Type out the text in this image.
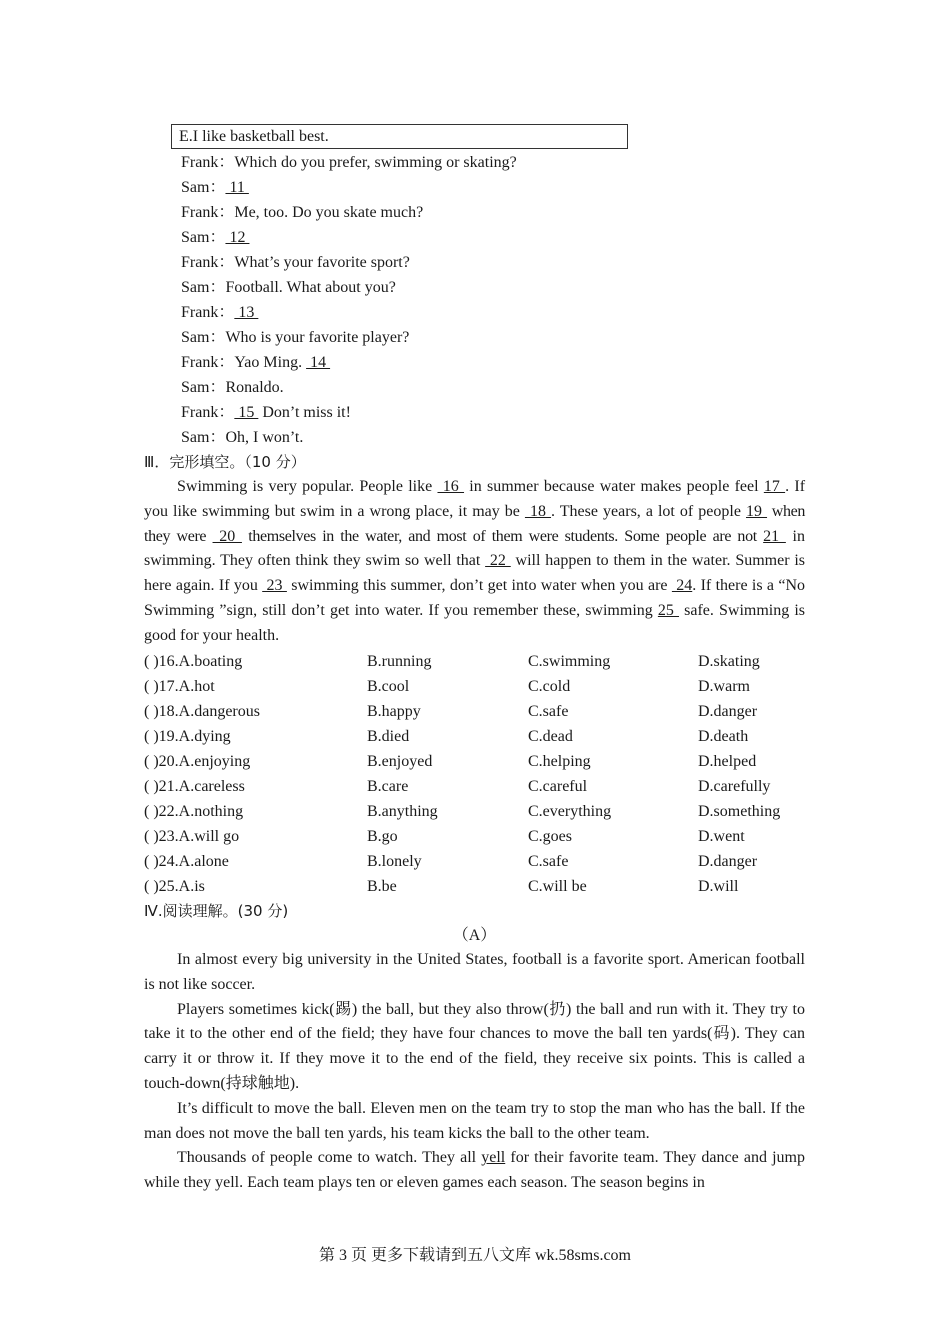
E.I like basketball best.
Frank：Which do you prefer, swimming or skating?
Sam： 11
Frank：Me, too. Do you skate much?
Sam： 12
Frank：What’s your favorite sport?
Sam：Football. What about you?
Frank： 13
Sam：Who is your favorite player?
Frank：Yao Ming.  14
Sam：Ronaldo.
Frank： 15  Don’t miss it!
Sam：Oh, I won’t.
Ⅲ．完形填空。（10 分）

Swimming is very popular. People like  16  in summer because water makes people feel 17 . If you like swimming but swim in a wrong place, it may be  18 . These years, a lot of people 19  when they were  20  themselves in the water, and most of them were students. Some people are not 21  in swimming. They often think they swim so well that  22  will happen to them in the water. Summer is here again. If you  23  swimming this summer, don’t get into water when you are  24. If there is a “No Swimming ”sign, still don’t get into water. If you remember these, swimming 25  safe. Swimming is good for your health.

( )16.A.boating	B.running	C.swimming	D.skating
( )17.A.hot	B.cool	C.cold	D.warm
( )18.A.dangerous	B.happy	C.safe	D.danger
( )19.A.dying	B.died	C.dead	D.death
( )20.A.enjoying	B.enjoyed	C.helping	D.helped
( )21.A.careless	B.care	C.careful	D.carefully
( )22.A.nothing	B.anything	C.everything	D.something
( )23.A.will go	B.go	C.goes	D.went
( )24.A.alone	B.lonely	C.safe	D.danger
( )25.A.is	B.be	C.will be	D.will
Ⅳ.阅读理解。(30 分)
（A）

In almost every big university in the United States, football is a favorite sport. American football is not like soccer.

Players sometimes kick(踢) the ball, but they also throw(扔) the ball and run with it. They try to take it to the other end of the field; they have four chances to move the ball ten yards(码). They can carry it or throw it. If they move it to the end of the field, they receive six points. This is called a touch-down(持球触地).

It’s difficult to move the ball. Eleven men on the team try to stop the man who has the ball. If the man does not move the ball ten yards, his team kicks the ball to the other team.

Thousands of people come to watch. They all yell for their favorite team. They dance and jump while they yell. Each team plays ten or eleven games each season. The season begins in

第 3 页 更多下载请到五八文库 wk.58sms.com
